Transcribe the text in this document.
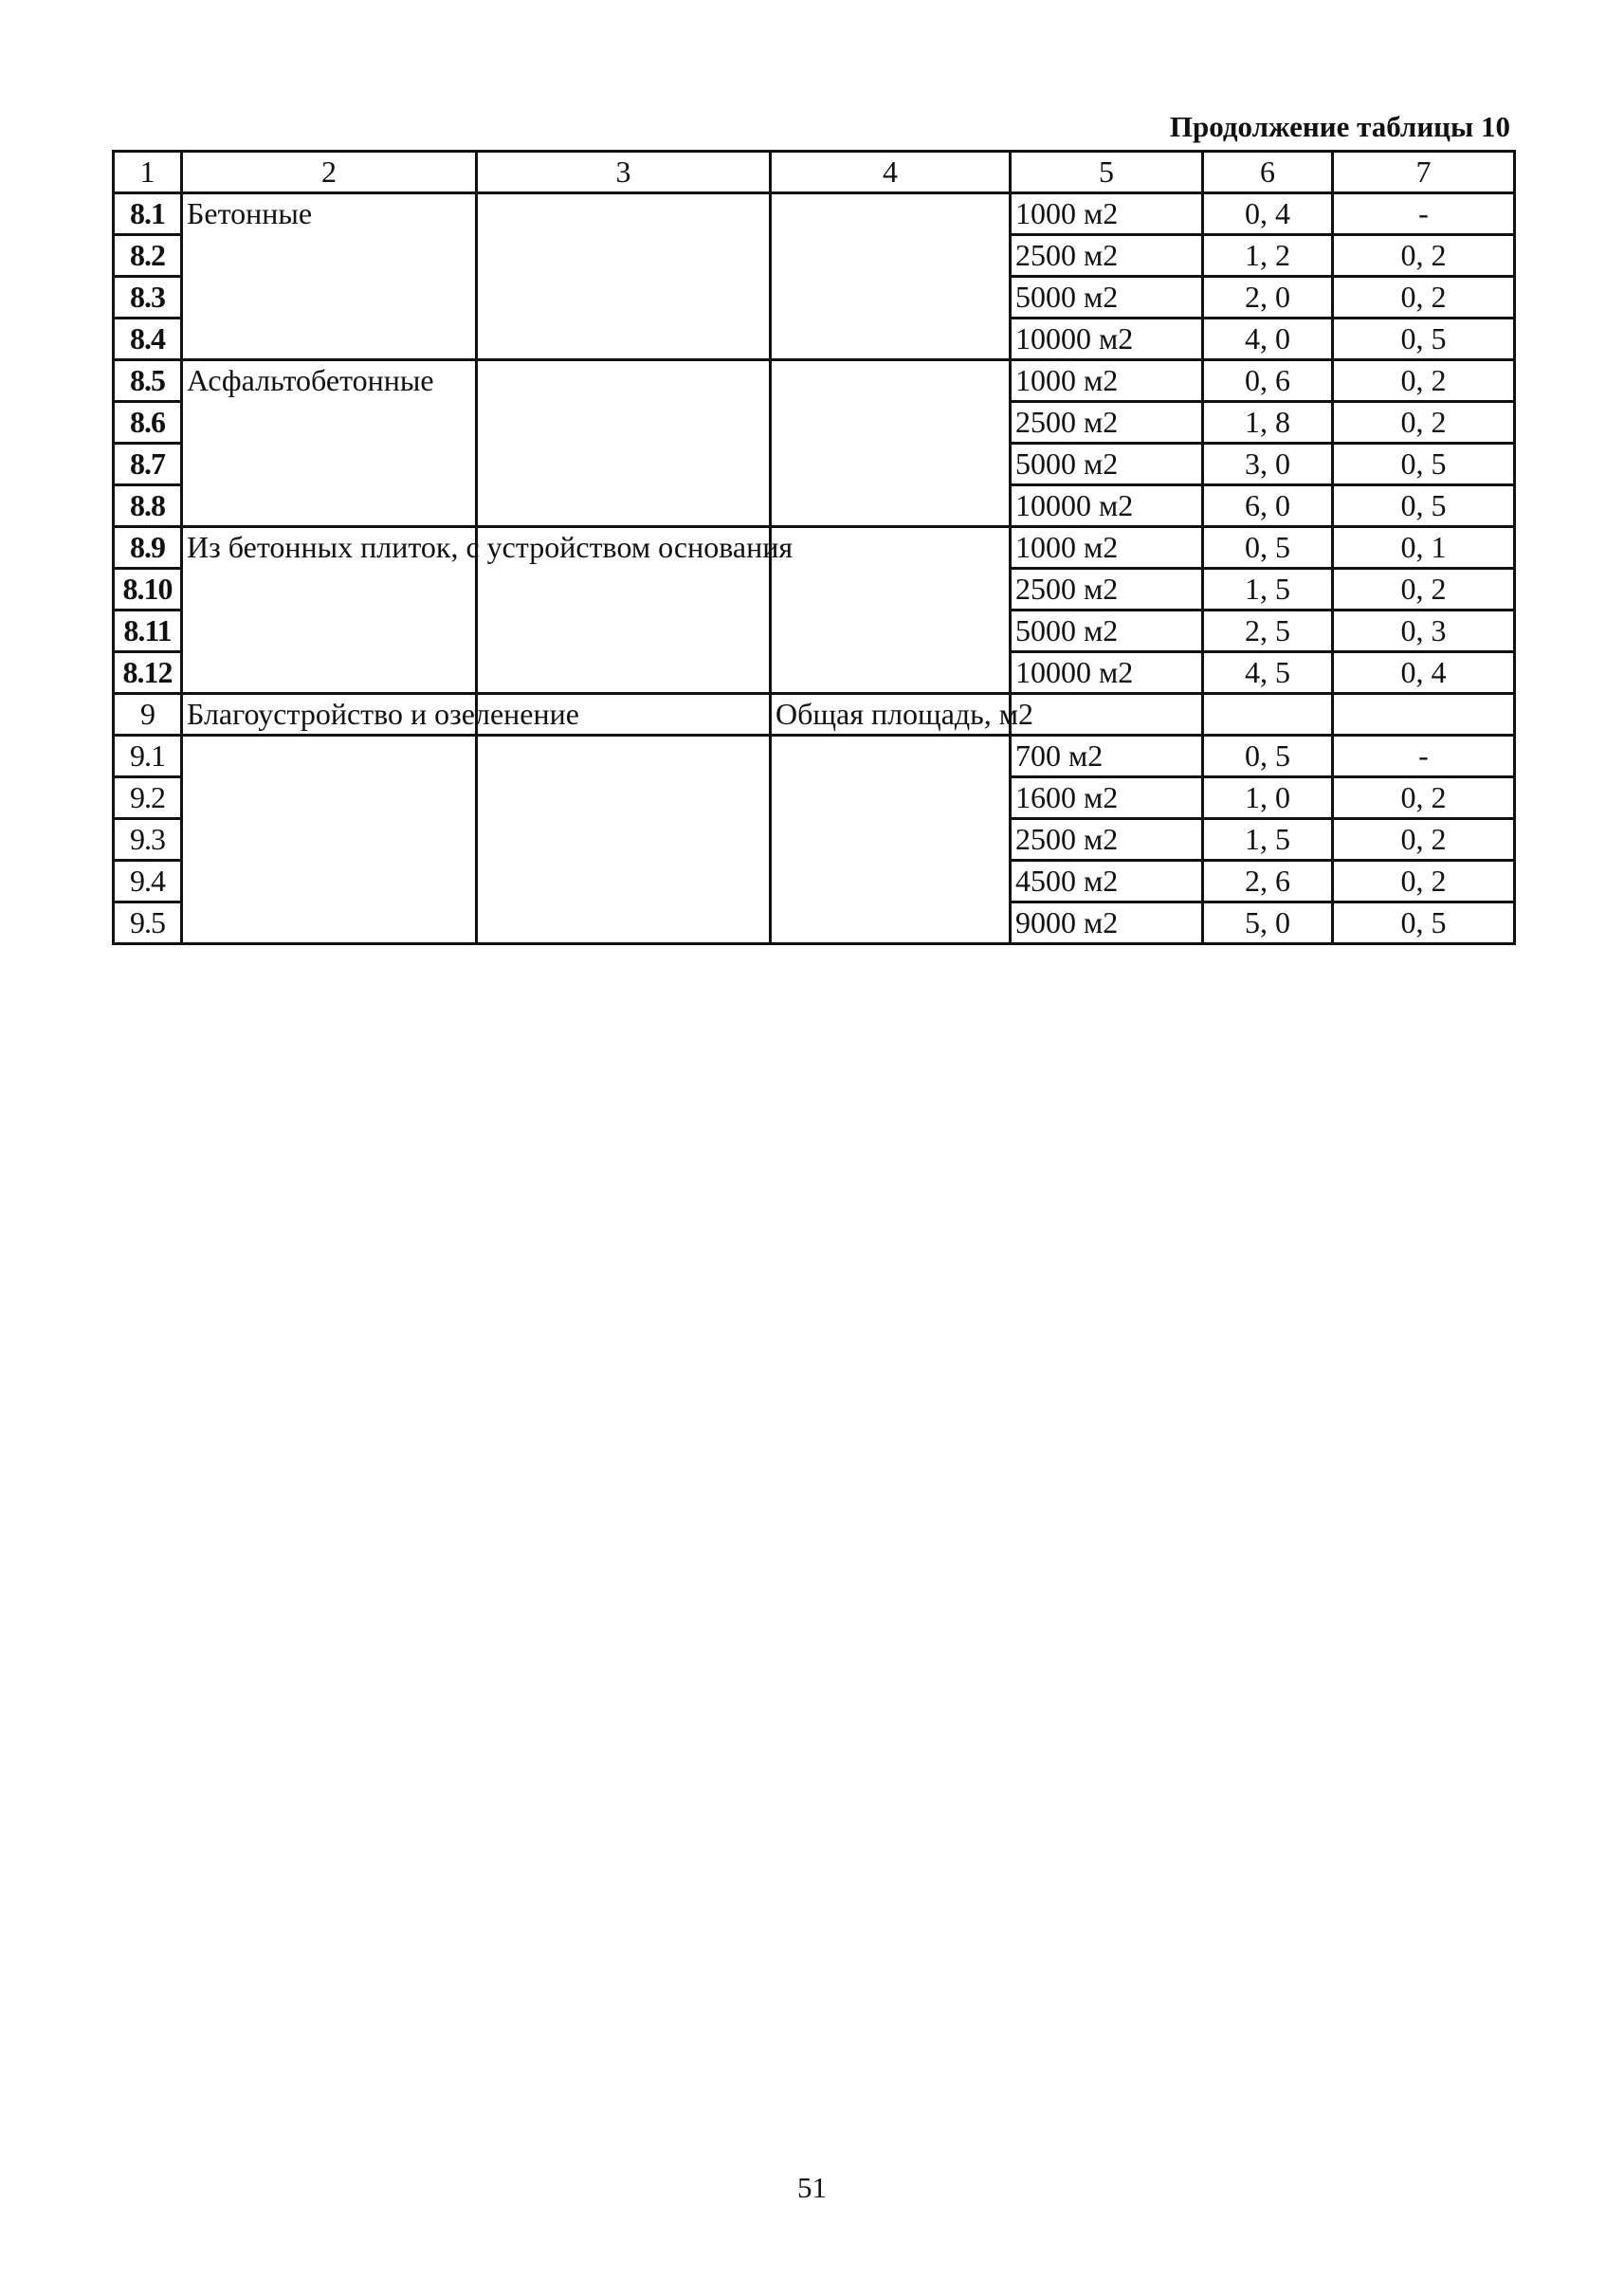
Продолжение таблицы 10
1	2	3	4	5	6	7
8.1	Бетонные			1000 м2	0, 4	-
8.2				2500 м2	1, 2	0, 2
8.3				5000 м2	2, 0	0, 2
8.4				10000 м2	4, 0	0, 5
8.5	Асфальтобетонные			1000 м2	0, 6	0, 2
8.6				2500 м2	1, 8	0, 2
8.7				5000 м2	3, 0	0, 5
8.8				10000 м2	6, 0	0, 5
8.9	Из бетонных плиток, с устройством основания			1000 м2	0, 5	0, 1
8.10				2500 м2	1, 5	0, 2
8.11				5000 м2	2, 5	0, 3
8.12				10000 м2	4, 5	0, 4
9	Благоустройство и озеленение		Общая площадь, м2			
9.1				700 м2	0, 5	-
9.2				1600 м2	1, 0	0, 2
9.3				2500 м2	1, 5	0, 2
9.4				4500 м2	2, 6	0, 2
9.5				9000 м2	5, 0	0, 5
51
